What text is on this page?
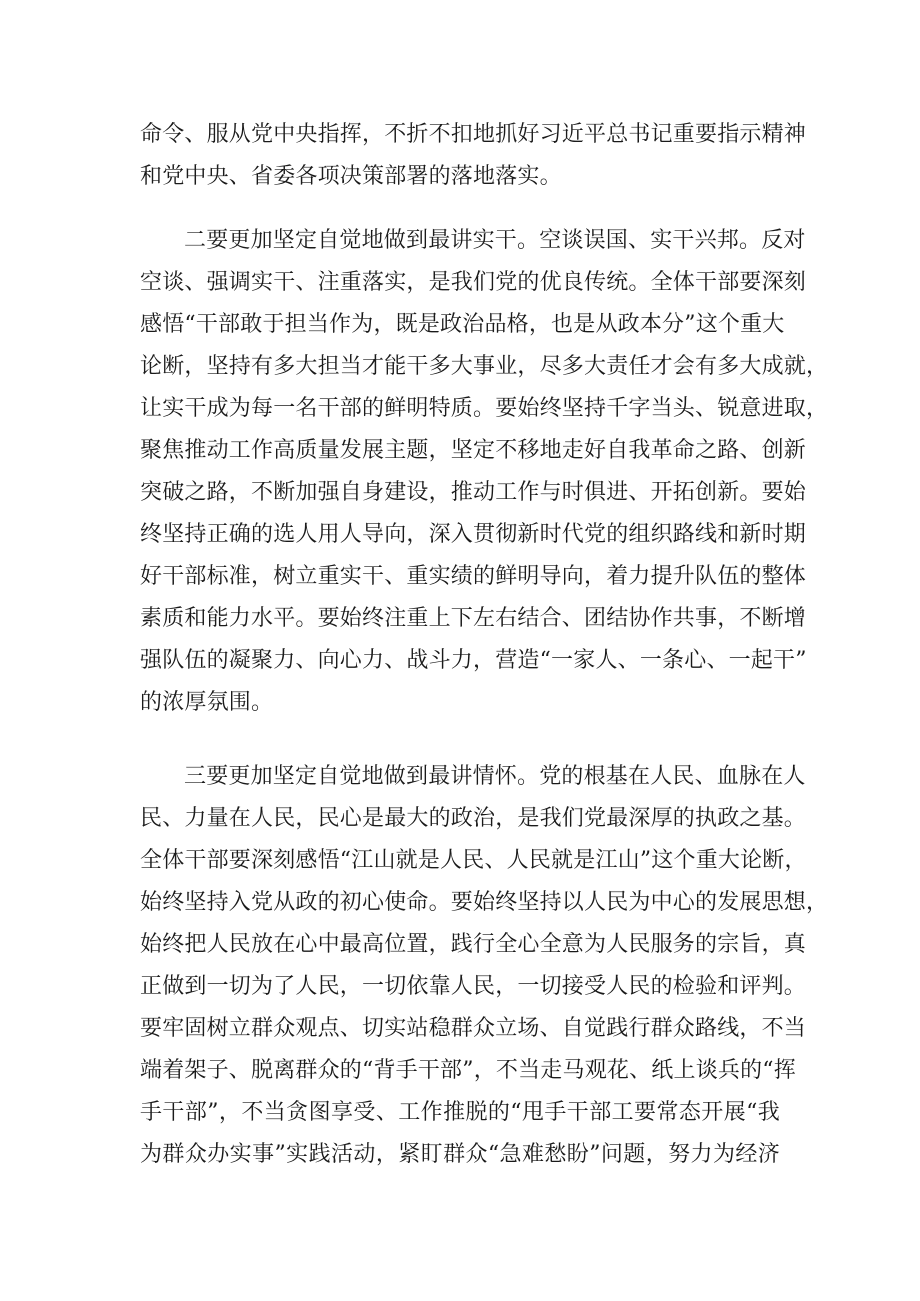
命令、服从党中央指挥，不折不扣地抓好习近平总书记重要指示精神
和党中央、省委各项决策部署的落地落实。
二要更加坚定自觉地做到最讲实干。空谈误国、实干兴邦。反对
空谈、强调实干、注重落实，是我们党的优良传统。全体干部要深刻
感悟“干部敢于担当作为，既是政治品格，也是从政本分”这个重大
论断，坚持有多大担当才能干多大事业，尽多大责任才会有多大成就，
让实干成为每一名干部的鲜明特质。要始终坚持千字当头、锐意进取，
聚焦推动工作高质量发展主题，坚定不移地走好自我革命之路、创新
突破之路，不断加强自身建设，推动工作与时俱进、开拓创新。要始
终坚持正确的选人用人导向，深入贯彻新时代党的组织路线和新时期
好干部标准，树立重实干、重实绩的鲜明导向，着力提升队伍的整体
素质和能力水平。要始终注重上下左右结合、团结协作共事，不断增
强队伍的凝聚力、向心力、战斗力，营造“一家人、一条心、一起干”
的浓厚氛围。
三要更加坚定自觉地做到最讲情怀。党的根基在人民、血脉在人
民、力量在人民，民心是最大的政治，是我们党最深厚的执政之基。
全体干部要深刻感悟“江山就是人民、人民就是江山”这个重大论断，
始终坚持入党从政的初心使命。要始终坚持以人民为中心的发展思想，
始终把人民放在心中最高位置，践行全心全意为人民服务的宗旨，真
正做到一切为了人民，一切依靠人民，一切接受人民的检验和评判。
要牢固树立群众观点、切实站稳群众立场、自觉践行群众路线，不当
端着架子、脱离群众的“背手干部”，不当走马观花、纸上谈兵的“挥
手干部”，不当贪图享受、工作推脱的“甩手干部工要常态开展“我
为群众办实事”实践活动，紧盯群众“急难愁盼”问题，努力为经济
